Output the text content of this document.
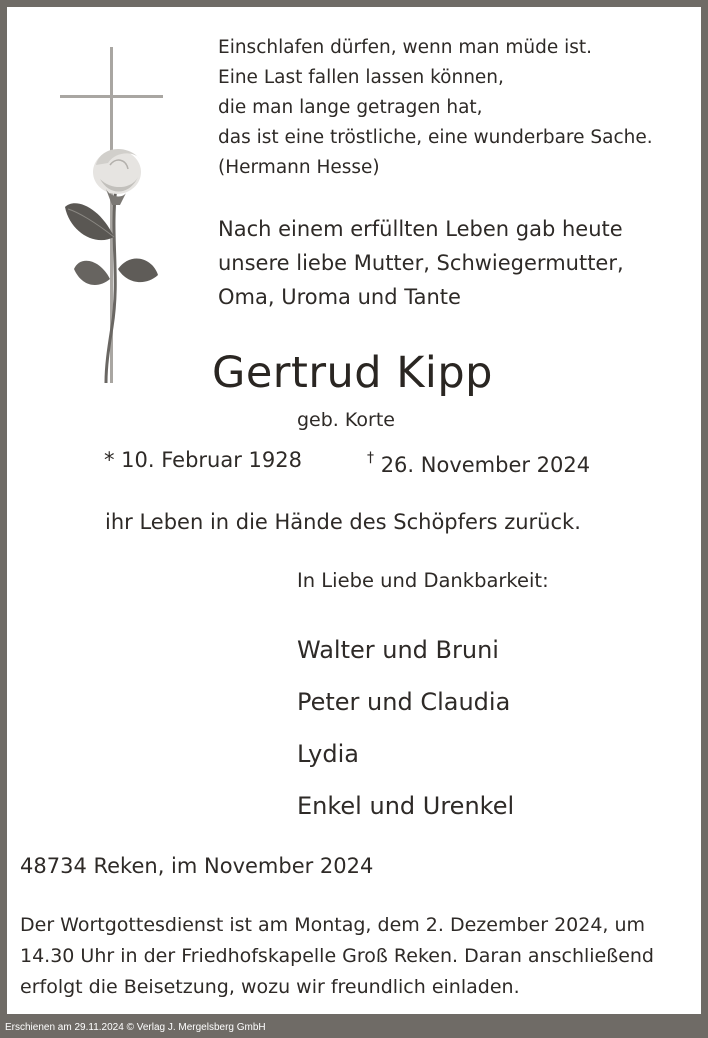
Einschlafen dürfen, wenn man müde ist.
Eine Last fallen lassen können,
die man lange getragen hat,
das ist eine tröstliche, eine wunderbare Sache.
(Hermann Hesse)
Nach einem erfüllten Leben gab heute
unsere liebe Mutter, Schwiegermutter,
Oma, Uroma und Tante
Gertrud Kipp
geb. Korte
* 10. Februar 1928	† 26. November 2024
ihr Leben in die Hände des Schöpfers zurück.
In Liebe und Dankbarkeit:
Walter und Bruni
Peter und Claudia
Lydia
Enkel und Urenkel
48734 Reken, im November 2024
Der Wortgottesdienst ist am Montag, dem 2. Dezember 2024, um
14.30 Uhr in der Friedhofskapelle Groß Reken. Daran anschließend
erfolgt die Beisetzung, wozu wir freundlich einladen.
Erschienen am 29.11.2024 © Verlag J. Mergelsberg GmbH
